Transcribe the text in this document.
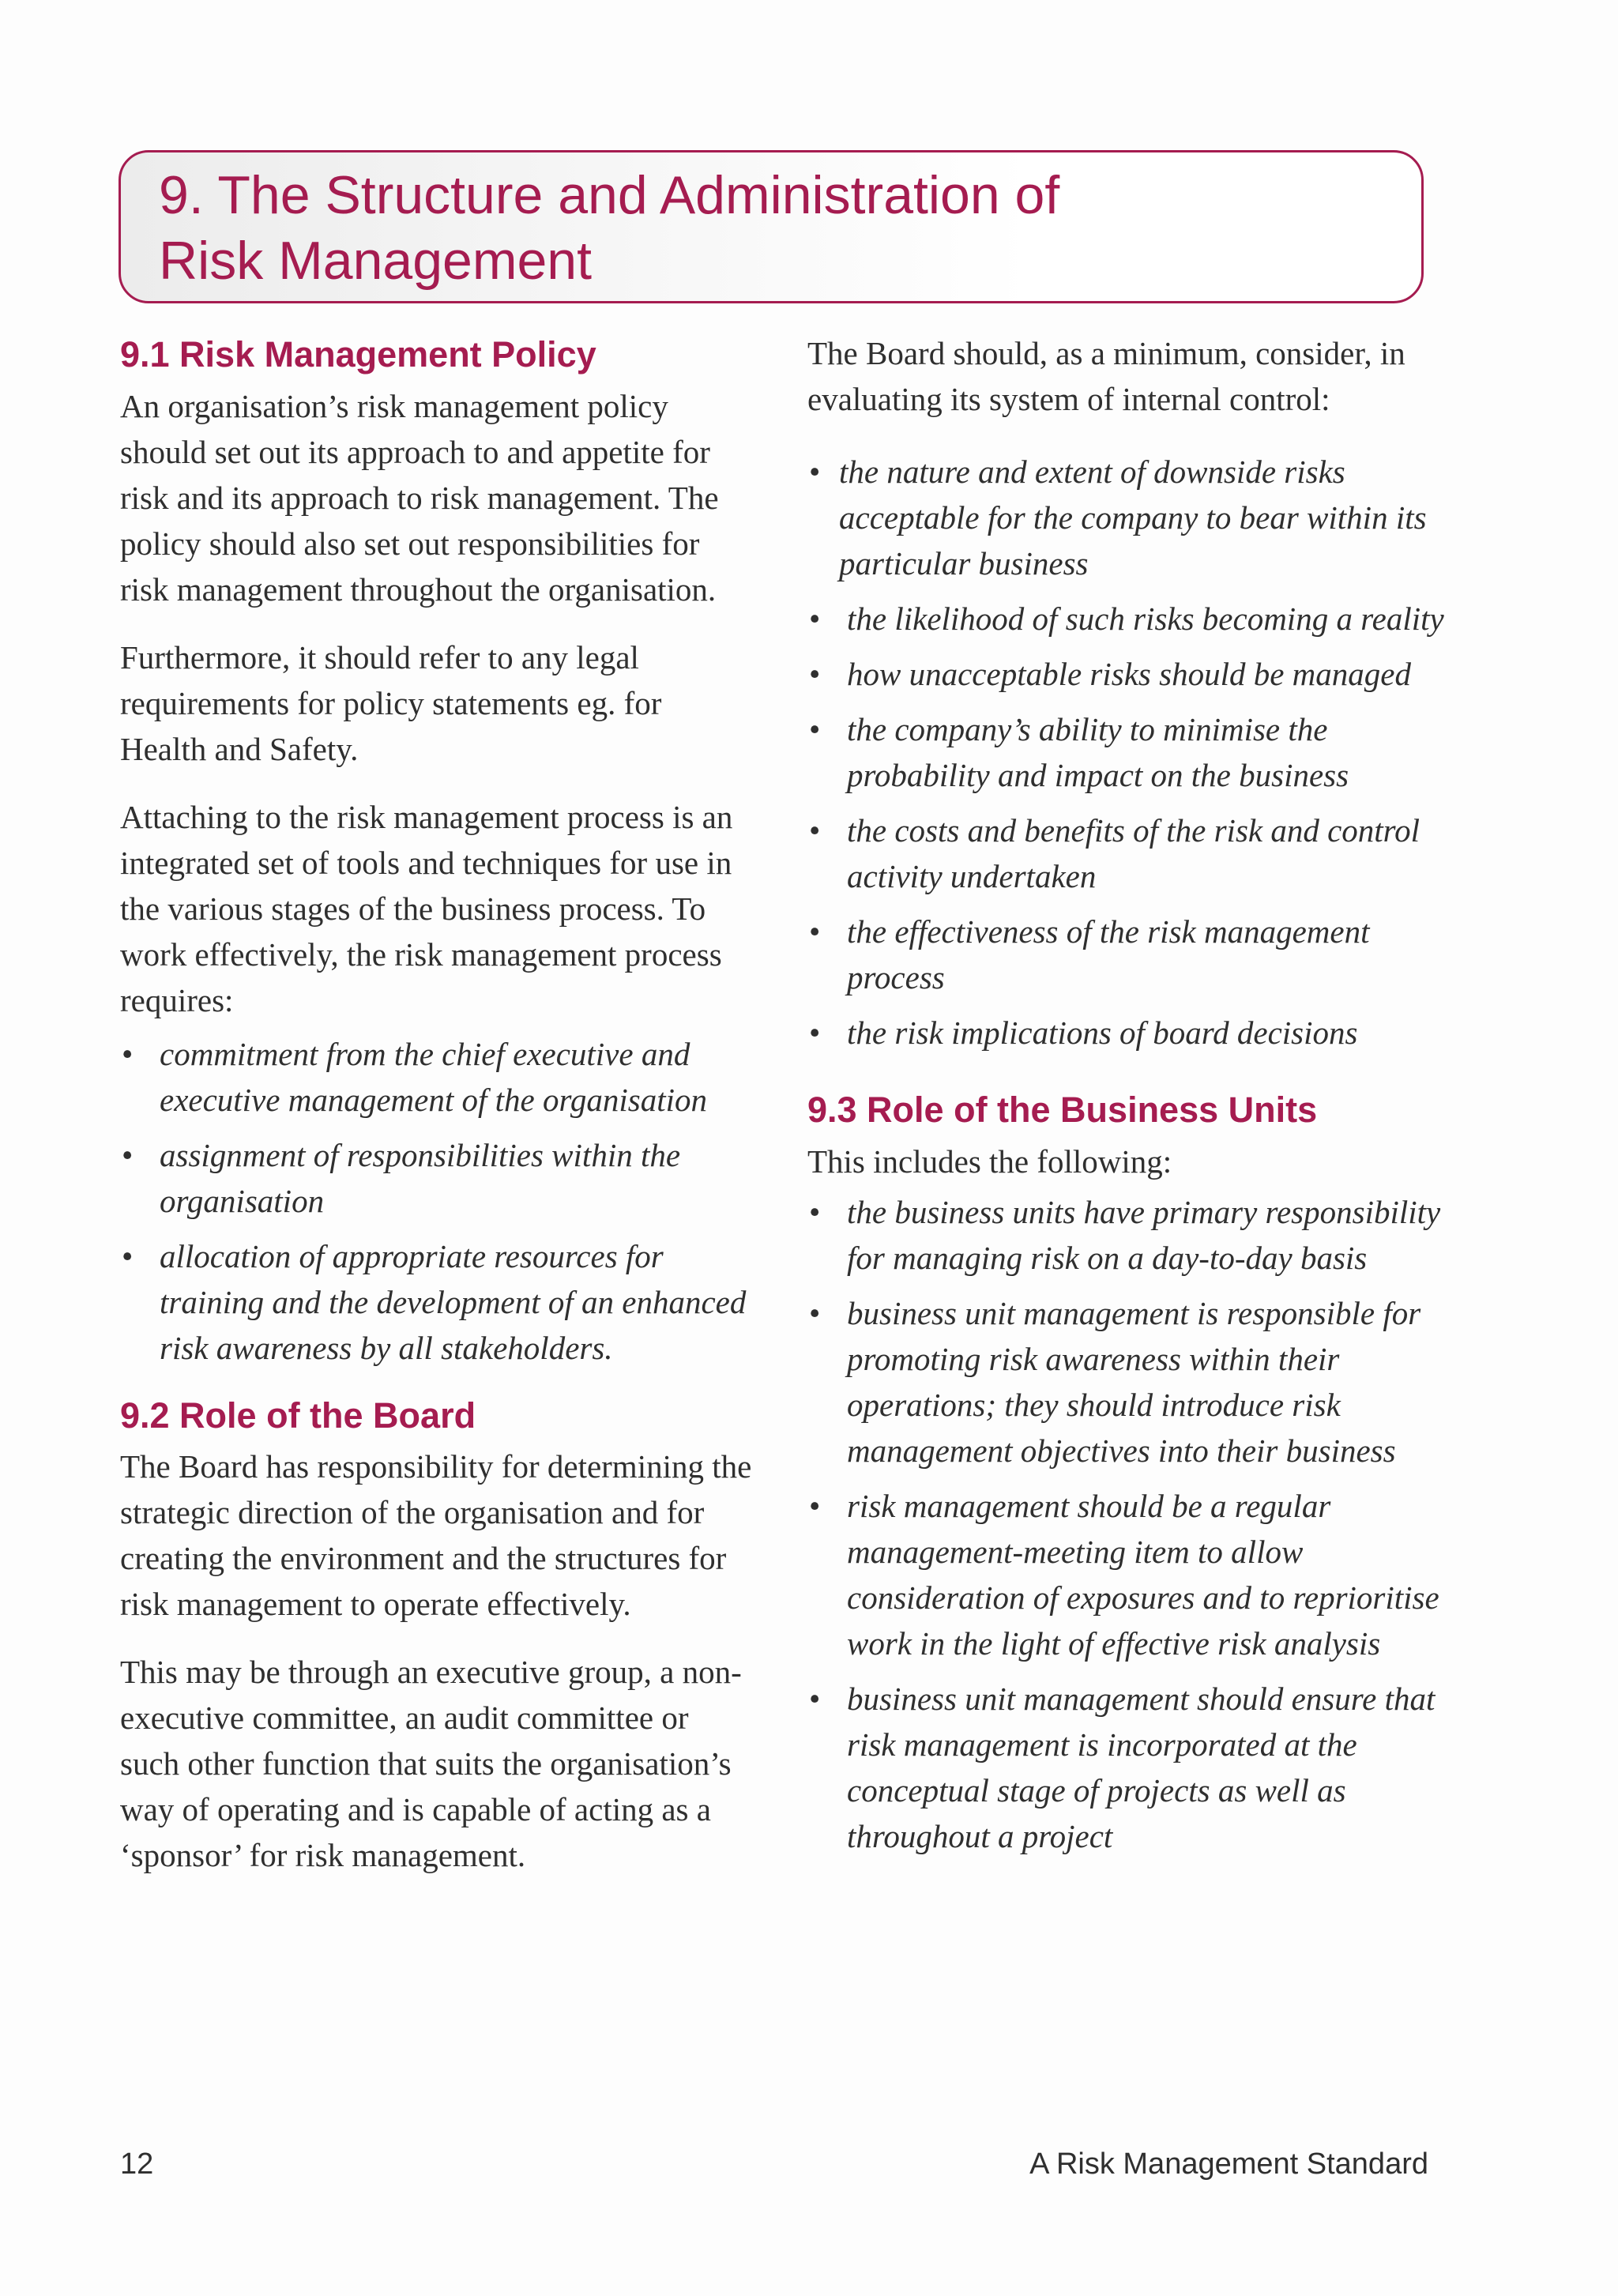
9. The Structure and Administration of
Risk Management
9.1 Risk Management Policy

An organisation’s risk management policy should set out its approach to and appetite for risk and its approach to risk management. The policy should also set out responsibilities for risk management throughout the organisation.

Furthermore, it should refer to any legal requirements for policy statements eg. for Health and Safety.

Attaching to the risk management process is an integrated set of tools and techniques for use in the various stages of the business process. To work effectively, the risk management process requires:

• commitment from the chief executive and executive management of the organisation
• assignment of responsibilities within the organisation
• allocation of appropriate resources for training and the development of an enhanced risk awareness by all stakeholders.
9.2 Role of the Board

The Board has responsibility for determining the strategic direction of the organisation and for creating the environment and the structures for risk management to operate effectively.

This may be through an executive group, a non-executive committee, an audit committee or such other function that suits the organisation’s way of operating and is capable of acting as a ‘sponsor’ for risk management.

The Board should, as a minimum, consider, in evaluating its system of internal control:

• the nature and extent of downside risks acceptable for the company to bear within its particular business
• the likelihood of such risks becoming a reality
• how unacceptable risks should be managed
• the company’s ability to minimise the probability and impact on the business
• the costs and benefits of the risk and control activity undertaken
• the effectiveness of the risk management process
• the risk implications of board decisions
9.3 Role of the Business Units

This includes the following:

• the business units have primary responsibility for managing risk on a day-to-day basis
• business unit management is responsible for promoting risk awareness within their operations; they should introduce risk management objectives into their business
• risk management should be a regular management-meeting item to allow consideration of exposures and to reprioritise work in the light of effective risk analysis
• business unit management should ensure that risk management is incorporated at the conceptual stage of projects as well as throughout a project
12	A Risk Management Standard
